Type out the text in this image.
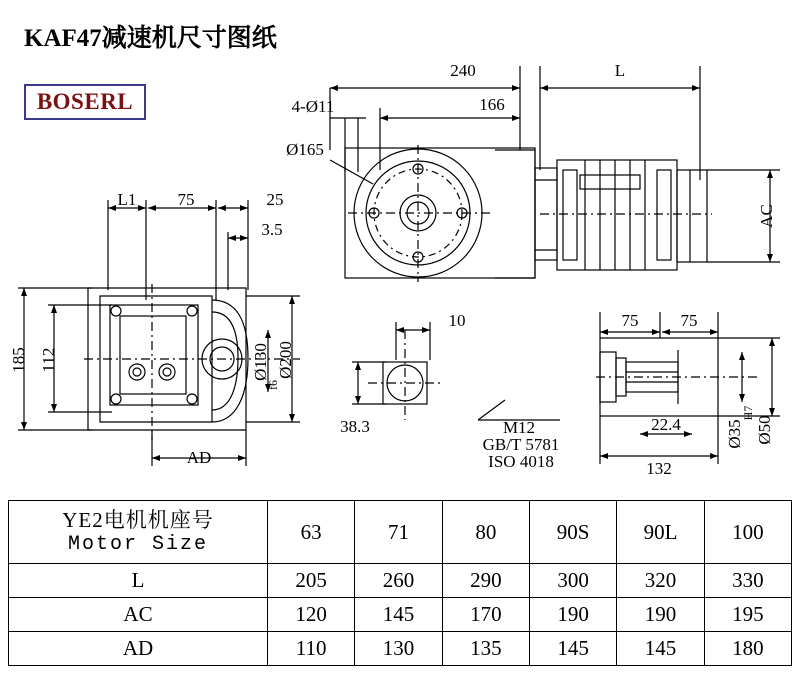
KAF47减速机尺寸图纸
BOSERL
240	L
4-Ø11	166
Ø165
L1 75	25
3.5
185 112	Ø130
f6
Ø200
AD
AC
10
38.3	M12
GB/T 5781
ISO 4018
75 75
22.4
132
Ø35
H7
Ø50
YE2电机机座号
Motor Size	63	71	80	90S	90L	100
L	205	260	290	300	320	330
AC	120	145	170	190	190	195
AD	110	130	135	145	145	180
